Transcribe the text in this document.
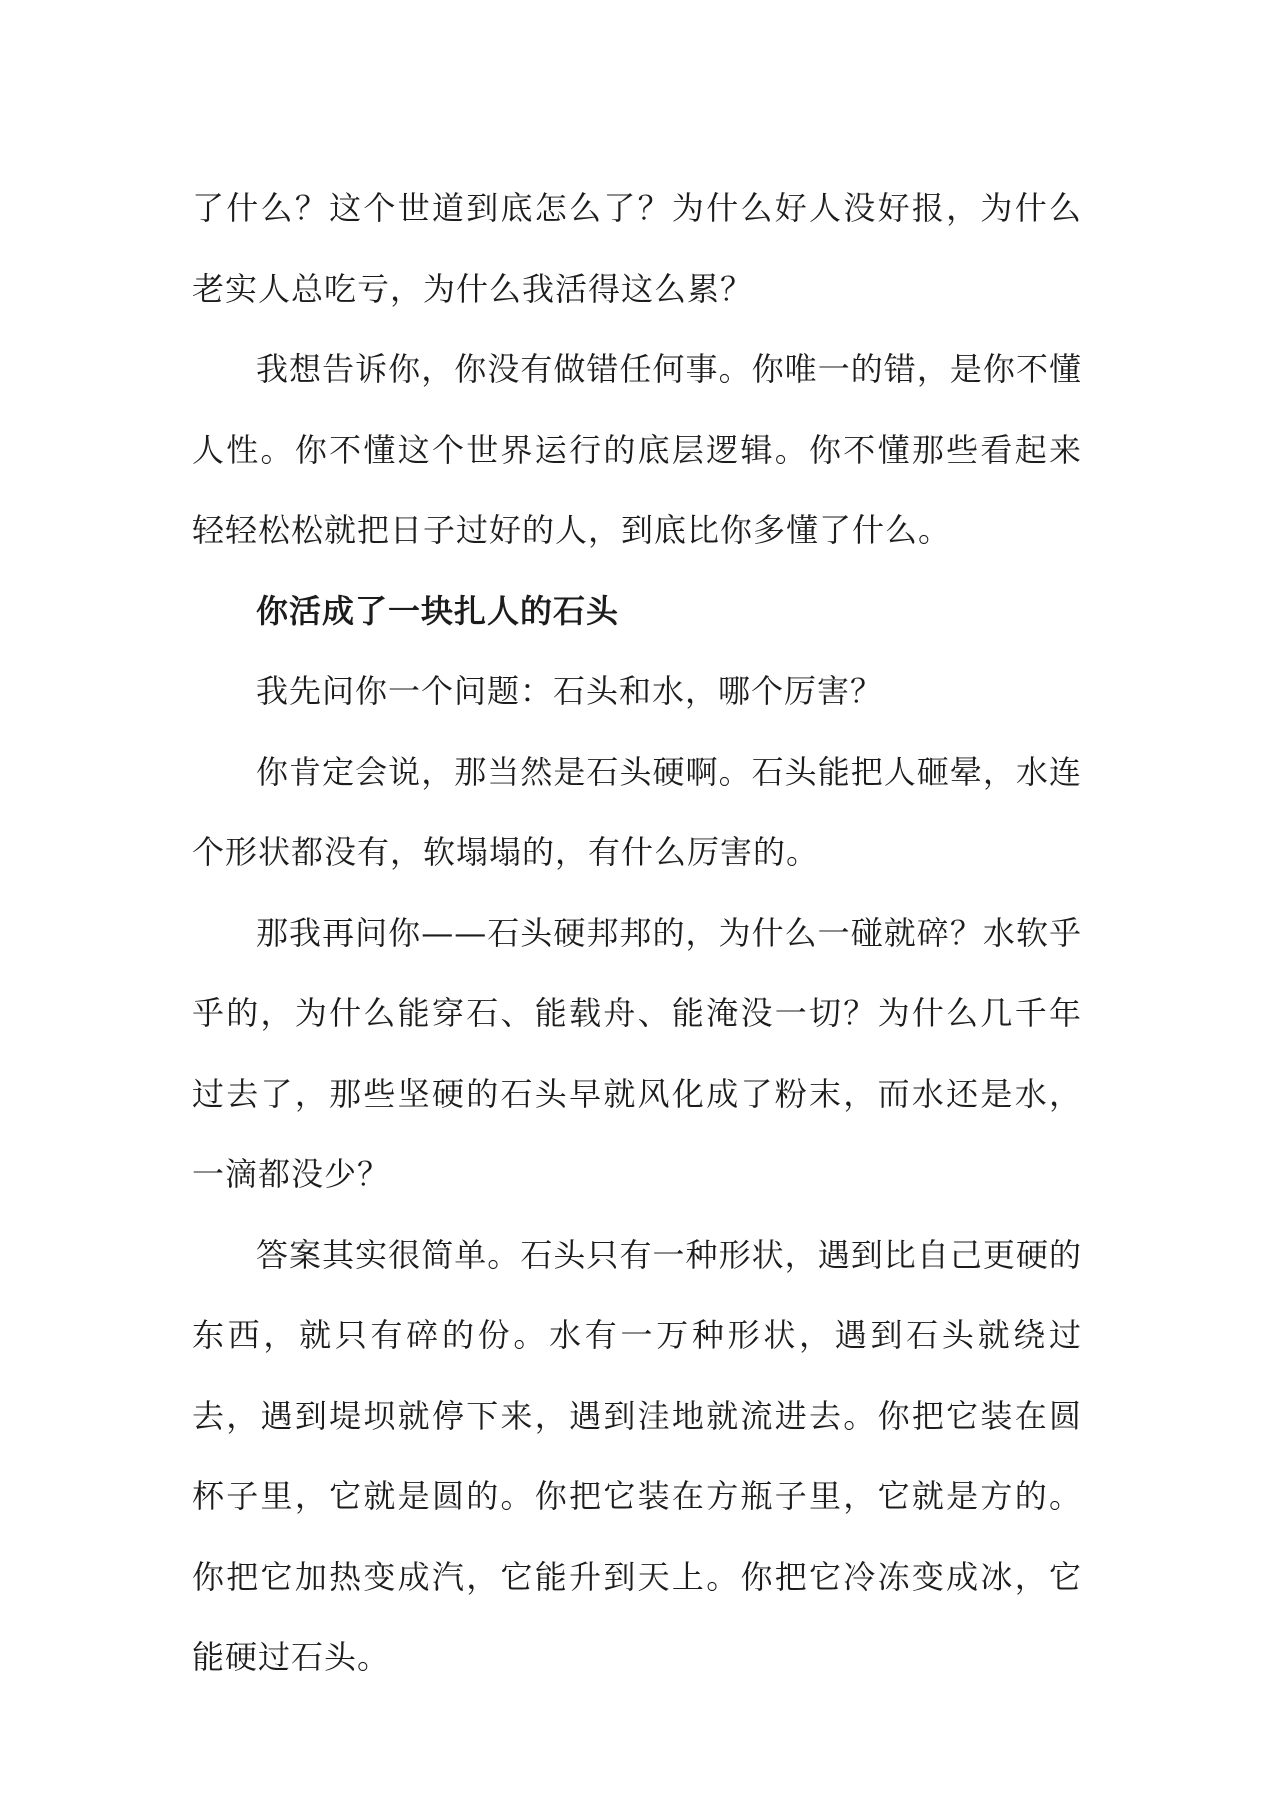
了什么？这个世道到底怎么了？为什么好人没好报，为什么老实人总吃亏，为什么我活得这么累？

我想告诉你，你没有做错任何事。你唯一的错，是你不懂人性。你不懂这个世界运行的底层逻辑。你不懂那些看起来轻轻松松就把日子过好的人，到底比你多懂了什么。

你活成了一块扎人的石头

我先问你一个问题：石头和水，哪个厉害？

你肯定会说，那当然是石头硬啊。石头能把人砸晕，水连个形状都没有，软塌塌的，有什么厉害的。

那我再问你——石头硬邦邦的，为什么一碰就碎？水软乎乎的，为什么能穿石、能载舟、能淹没一切？为什么几千年过去了，那些坚硬的石头早就风化成了粉末，而水还是水，一滴都没少？

答案其实很简单。石头只有一种形状，遇到比自己更硬的东西，就只有碎的份。水有一万种形状，遇到石头就绕过去，遇到堤坝就停下来，遇到洼地就流进去。你把它装在圆杯子里，它就是圆的。你把它装在方瓶子里，它就是方的。你把它加热变成汽，它能升到天上。你把它冷冻变成冰，它能硬过石头。
